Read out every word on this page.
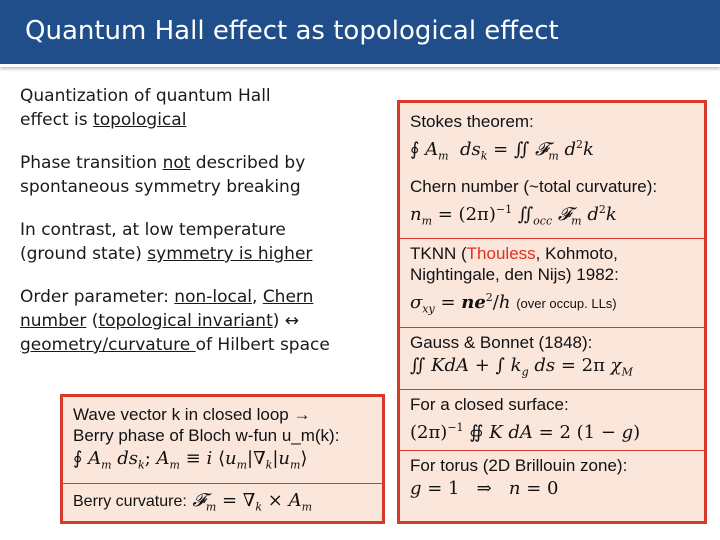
Quantum Hall effect as topological effect
Quantization of quantum Hall
effect is topological
Phase transition not described by
spontaneous symmetry breaking
In contrast, at low temperature
(ground state) symmetry is higher
Order parameter: non-local, Chern
number (topological invariant) ↔
geometry/curvature of Hilbert space
Stokes theorem:
∮ $A_m$ $ds_k$ = ∬ 𝓕$_m$ $d^2k$
Chern number (~total curvature):
$n_m = (2\pi)^{-1}$ $∬_{occ}$ 𝓕$_m$ $d^2k$
TKNN (Thouless, Kohmoto,
Nightingale, den Nijs) 1982:
$\sigma_{xy} = ne^2/h$ (over occup. LLs)
Gauss & Bonnet (1848):
∬ KdA + ∫ $k_g$ ds = 2π $\chi_M$
For a closed surface:
$(2\pi)^{-1}$ ∯ K dA = 2 (1 − g)
For torus (2D Brillouin zone):
g = 1   ⇒   n = 0
Wave vector k in closed loop →
Berry phase of Bloch w-fun u_m(k):
∮ $A_m$ $ds_k$; $A_m \equiv i$ $⟨u_m|\nabla_k|u_m⟩$
Berry curvature: 𝓕$_m$ = $\nabla_k \times A_m$
